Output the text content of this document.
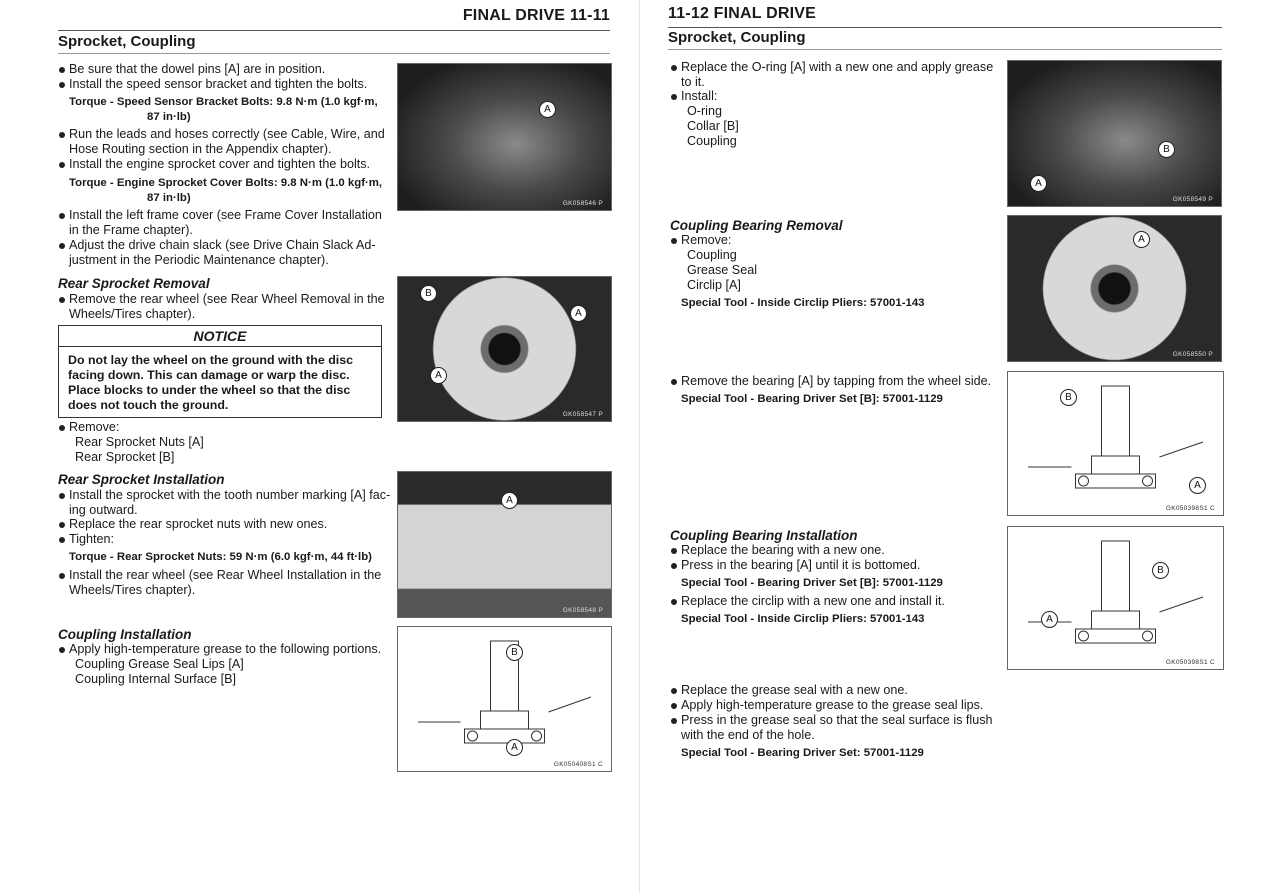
FINAL DRIVE 11-11
Sprocket, Coupling
Be sure that the dowel pins [A] are in position.
Install the speed sensor bracket and tighten the bolts.
Torque - Speed Sensor Bracket Bolts: 9.8 N·m (1.0 kgf·m,
87 in·lb)
Run the leads and hoses correctly (see Cable, Wire, and
Hose Routing section in the Appendix chapter).
Install the engine sprocket cover and tighten the bolts.
Torque - Engine Sprocket Cover Bolts: 9.8 N·m (1.0 kgf·m,
87 in·lb)
Install the left frame cover (see Frame Cover Installation
in the Frame chapter).
Adjust the drive chain slack (see Drive Chain Slack Ad-
justment in the Periodic Maintenance chapter).
Rear Sprocket Removal
Remove the rear wheel (see Rear Wheel Removal in the
Wheels/Tires chapter).
NOTICE
Do not lay the wheel on the ground with the disc
facing down. This can damage or warp the disc.
Place blocks to under the wheel so that the disc
does not touch the ground.
Remove:
Rear Sprocket Nuts [A]
Rear Sprocket [B]
Rear Sprocket Installation
Install the sprocket with the tooth number marking [A] fac-
ing outward.
Replace the rear sprocket nuts with new ones.
Tighten:
Torque - Rear Sprocket Nuts: 59 N·m (6.0 kgf·m, 44 ft·lb)
Install the rear wheel (see Rear Wheel Installation in the
Wheels/Tires chapter).
Coupling Installation
Apply high-temperature grease to the following portions.
Coupling Grease Seal Lips [A]
Coupling Internal Surface [B]
A
GK058546 P
B
A
A
GK058547 P
A
GK058548 P
B
A
GK050408S1 C
11-12 FINAL DRIVE
Sprocket, Coupling
Replace the O-ring [A] with a new one and apply grease
to it.
Install:
O-ring
Collar [B]
Coupling
Coupling Bearing Removal
Remove:
Coupling
Grease Seal
Circlip [A]
Special Tool - Inside Circlip Pliers: 57001-143
Remove the bearing [A] by tapping from the wheel side.
Special Tool - Bearing Driver Set [B]: 57001-1129
Coupling Bearing Installation
Replace the bearing with a new one.
Press in the bearing [A] until it is bottomed.
Special Tool - Bearing Driver Set [B]: 57001-1129
Replace the circlip with a new one and install it.
Special Tool - Inside Circlip Pliers: 57001-143
Replace the grease seal with a new one.
Apply high-temperature grease to the grease seal lips.
Press in the grease seal so that the seal surface is flush
with the end of the hole.
Special Tool - Bearing Driver Set: 57001-1129
B
A
GK058549 P
A
GK058550 P
B
A
GK050398S1 C
B
A
GK050398S1 C
